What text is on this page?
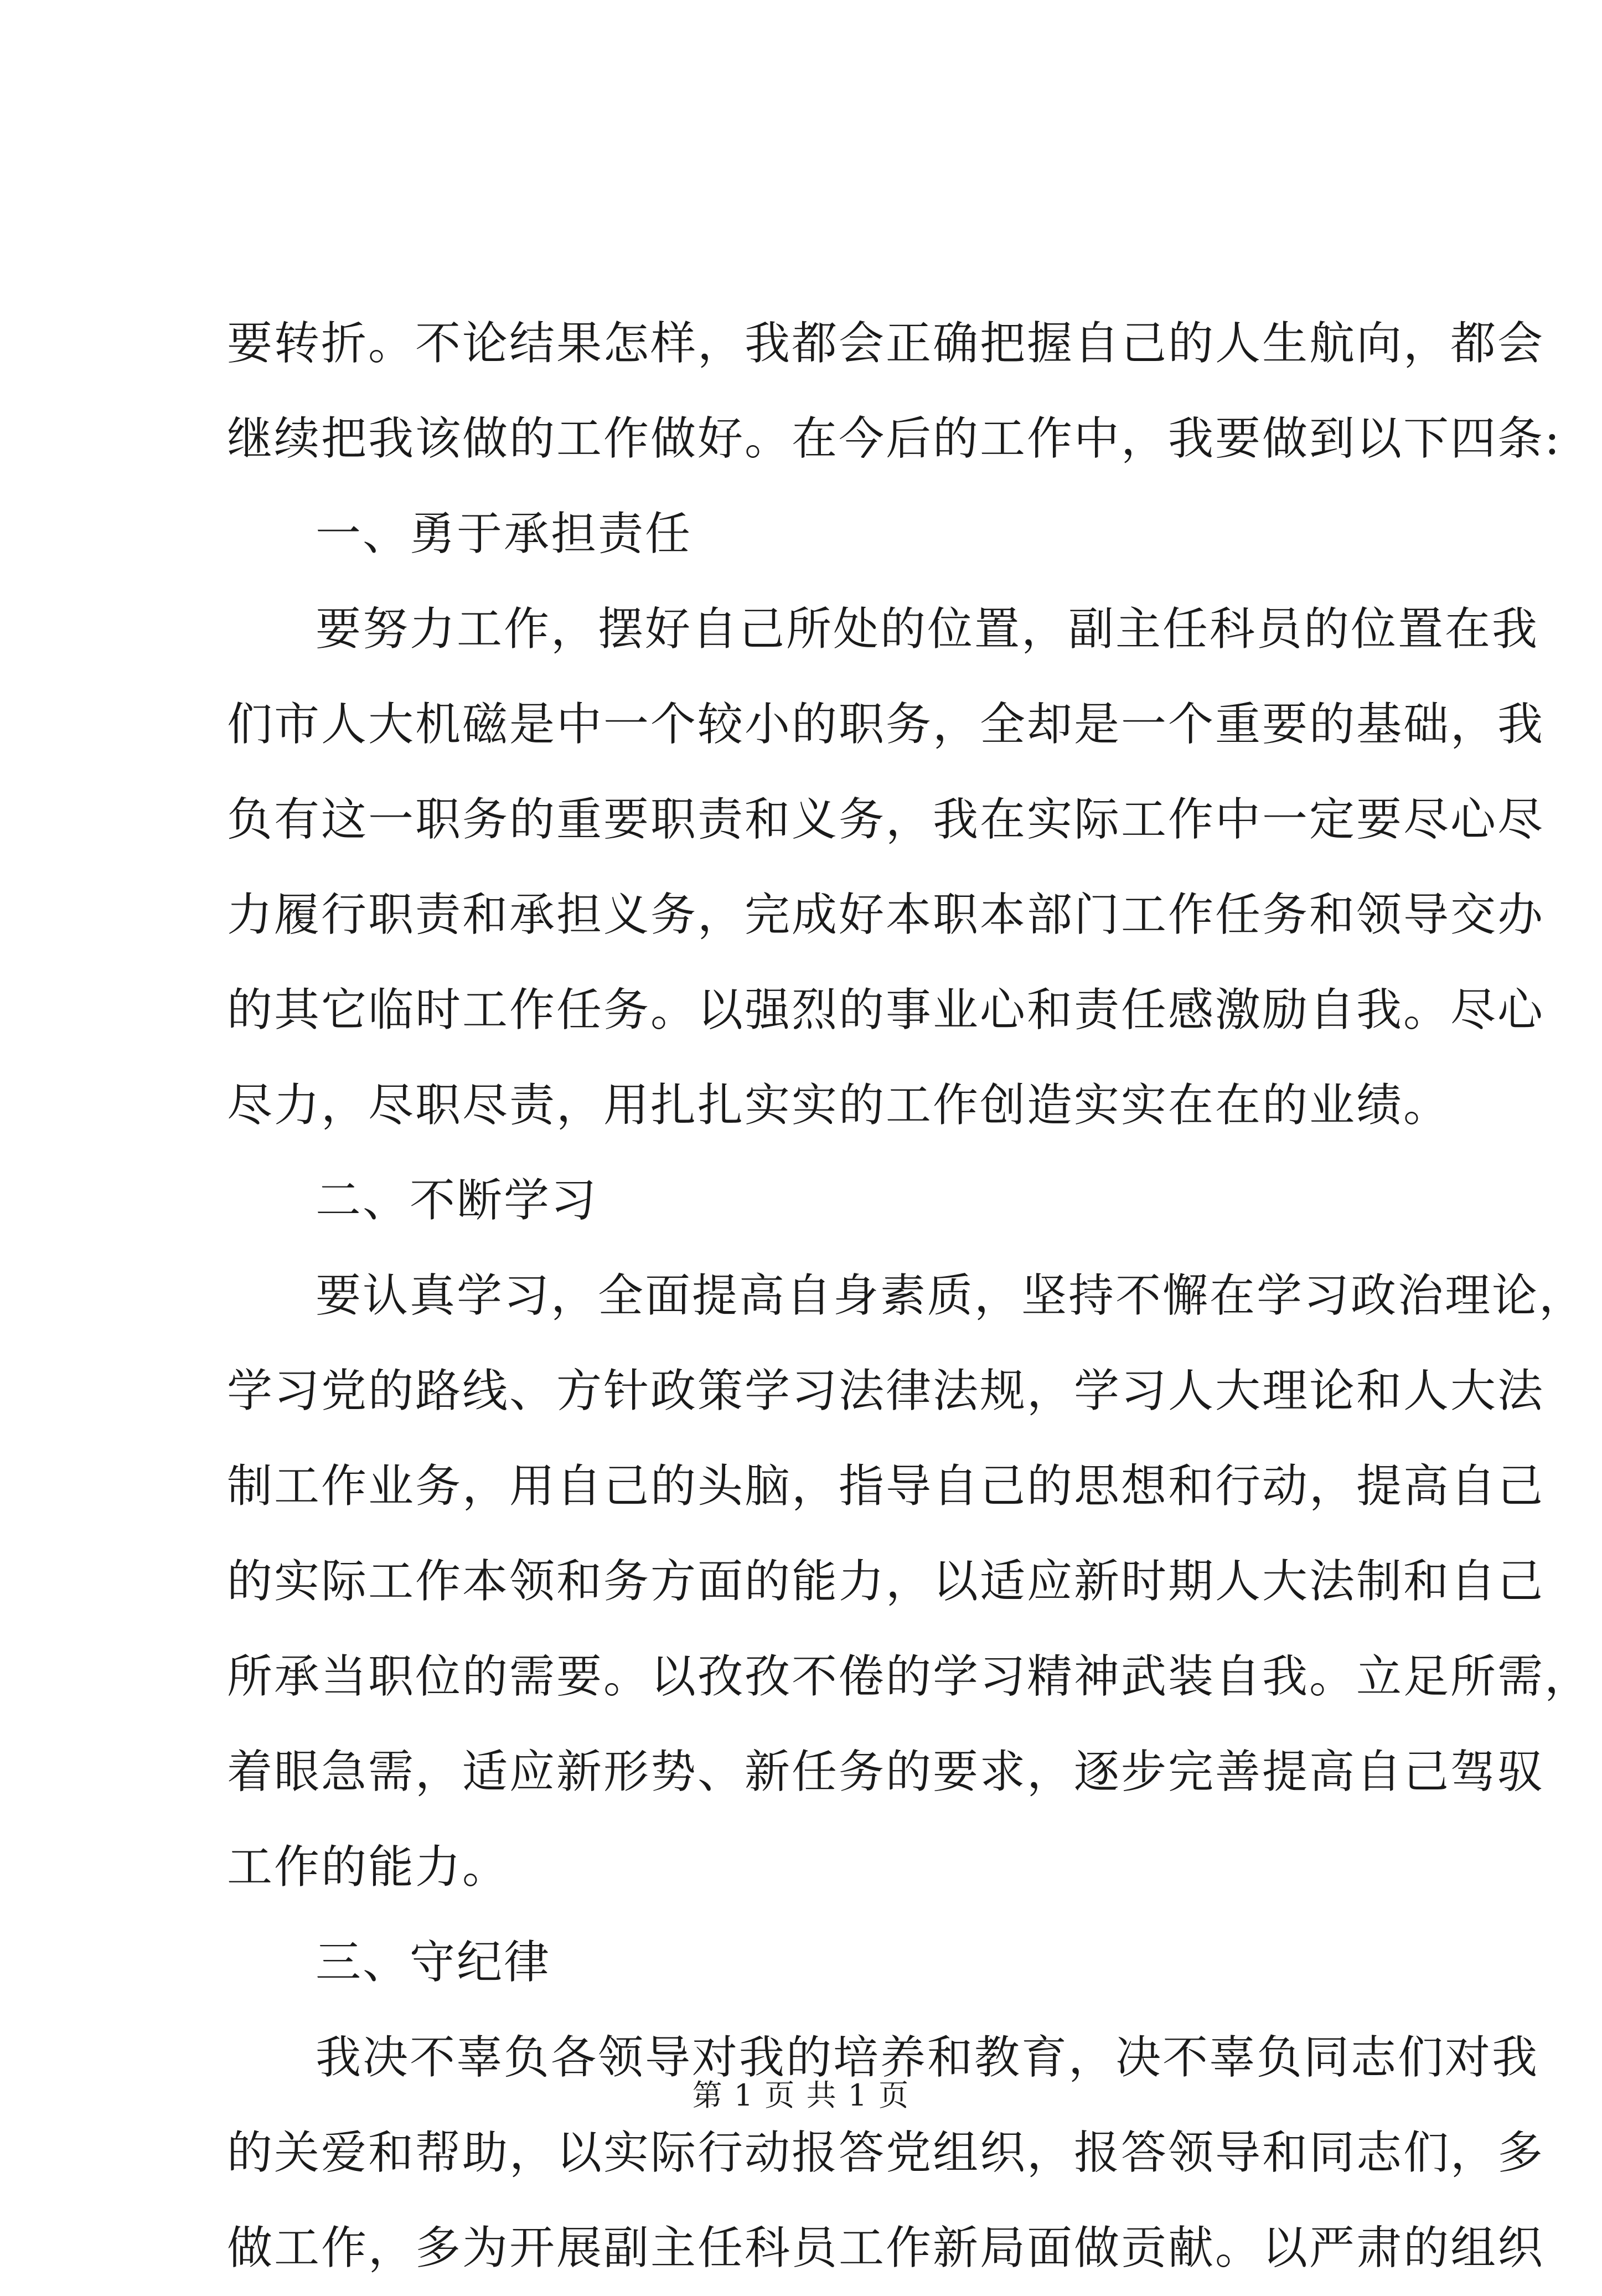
要转折。不论结果怎样，我都会正确把握自己的人生航向，都会
继续把我该做的工作做好。在今后的工作中，我要做到以下四条:
一、勇于承担责任
要努力工作，摆好自己所处的位置，副主任科员的位置在我
们市人大机磁是中一个较小的职务，全却是一个重要的基础，我
负有这一职务的重要职责和义务，我在实际工作中一定要尽心尽
力履行职责和承担义务，完成好本职本部门工作任务和领导交办
的其它临时工作任务。以强烈的事业心和责任感激励自我。尽心
尽力，尽职尽责，用扎扎实实的工作创造实实在在的业绩。
二、不断学习
要认真学习，全面提高自身素质，坚持不懈在学习政治理论，
学习党的路线、方针政策学习法律法规，学习人大理论和人大法
制工作业务，用自己的头脑，指导自己的思想和行动，提高自己
的实际工作本领和务方面的能力，以适应新时期人大法制和自己
所承当职位的需要。以孜孜不倦的学习精神武装自我。立足所需，
着眼急需，适应新形势、新任务的要求，逐步完善提高自己驾驭
工作的能力。
三、守纪律
我决不辜负各领导对我的培养和教育，决不辜负同志们对我
的关爱和帮助，以实际行动报答党组织，报答领导和同志们，多
做工作，多为开展副主任科员工作新局面做贡献。以严肃的组织
第 1 页 共 1 页
